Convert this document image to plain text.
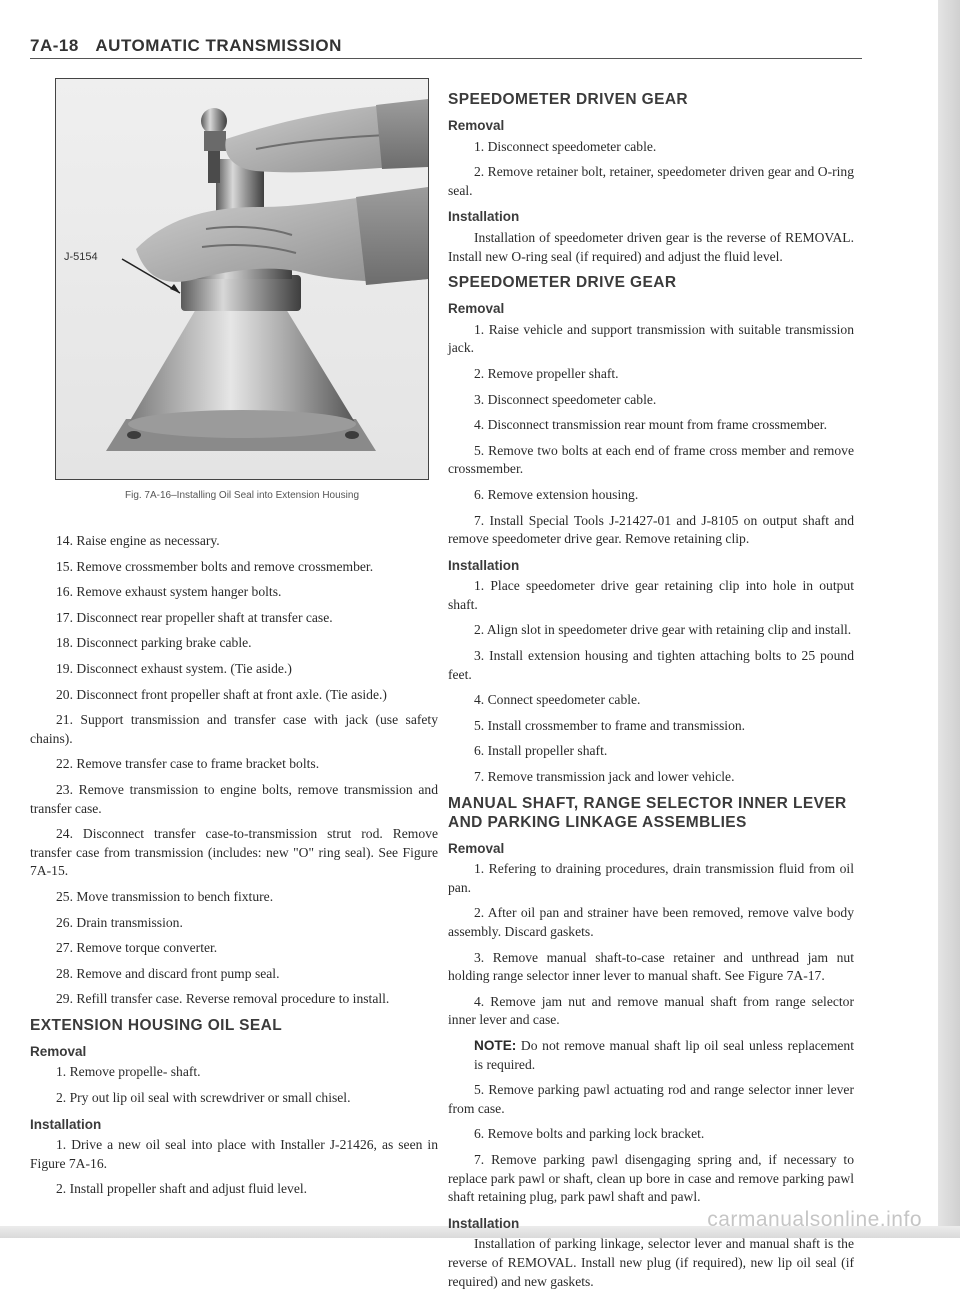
7A-18 AUTOMATIC TRANSMISSION
J-5154
Fig. 7A-16–Installing Oil Seal into Extension Housing

14. Raise engine as necessary.

15. Remove crossmember bolts and remove crossmember.

16. Remove exhaust system hanger bolts.

17. Disconnect rear propeller shaft at transfer case.

18. Disconnect parking brake cable.

19. Disconnect exhaust system. (Tie aside.)

20. Disconnect front propeller shaft at front axle. (Tie aside.)

21. Support transmission and transfer case with jack (use safety chains).

22. Remove transfer case to frame bracket bolts.

23. Remove transmission to engine bolts, remove transmission and transfer case.

24. Disconnect transfer case-to-transmission strut rod. Remove transfer case from transmission (includes: new "O" ring seal). See Figure 7A-15.

25. Move transmission to bench fixture.

26. Drain transmission.

27. Remove torque converter.

28. Remove and discard front pump seal.

29. Refill transfer case. Reverse removal procedure to install.

EXTENSION HOUSING OIL SEAL
Removal

1. Remove propelle- shaft.

2. Pry out lip oil seal with screwdriver or small chisel.

Installation

1. Drive a new oil seal into place with Installer J-21426, as seen in Figure 7A-16.

2. Install propeller shaft and adjust fluid level.

SPEEDOMETER DRIVEN GEAR
Removal

1. Disconnect speedometer cable.

2. Remove retainer bolt, retainer, speedometer driven gear and O-ring seal.

Installation

Installation of speedometer driven gear is the reverse of REMOVAL. Install new O-ring seal (if required) and adjust the fluid level.

SPEEDOMETER DRIVE GEAR
Removal

1. Raise vehicle and support transmission with suitable transmission jack.

2. Remove propeller shaft.

3. Disconnect speedometer cable.

4. Disconnect transmission rear mount from frame crossmember.

5. Remove two bolts at each end of frame cross member and remove crossmember.

6. Remove extension housing.

7. Install Special Tools J-21427-01 and J-8105 on output shaft and remove speedometer drive gear. Remove retaining clip.

Installation

1. Place speedometer drive gear retaining clip into hole in output shaft.

2. Align slot in speedometer drive gear with retaining clip and install.

3. Install extension housing and tighten attaching bolts to 25 pound feet.

4. Connect speedometer cable.

5. Install crossmember to frame and transmission.

6. Install propeller shaft.

7. Remove transmission jack and lower vehicle.

MANUAL SHAFT, RANGE SELECTOR INNER LEVER AND PARKING LINKAGE ASSEMBLIES
Removal

1. Refering to draining procedures, drain transmission fluid from oil pan.

2. After oil pan and strainer have been removed, remove valve body assembly. Discard gaskets.

3. Remove manual shaft-to-case retainer and unthread jam nut holding range selector inner lever to manual shaft. See Figure 7A-17.

4. Remove jam nut and remove manual shaft from range selector inner lever and case.

NOTE: Do not remove manual shaft lip oil seal unless replacement is required.

5. Remove parking pawl actuating rod and range selector inner lever from case.

6. Remove bolts and parking lock bracket.

7. Remove parking pawl disengaging spring and, if necessary to replace park pawl or shaft, clean up bore in case and remove parking pawl shaft retaining plug, park pawl shaft and pawl.

Installation

Installation of parking linkage, selector lever and manual shaft is the reverse of REMOVAL. Install new plug (if required), new lip oil seal (if required) and new gaskets.

carmanualsonline.info
